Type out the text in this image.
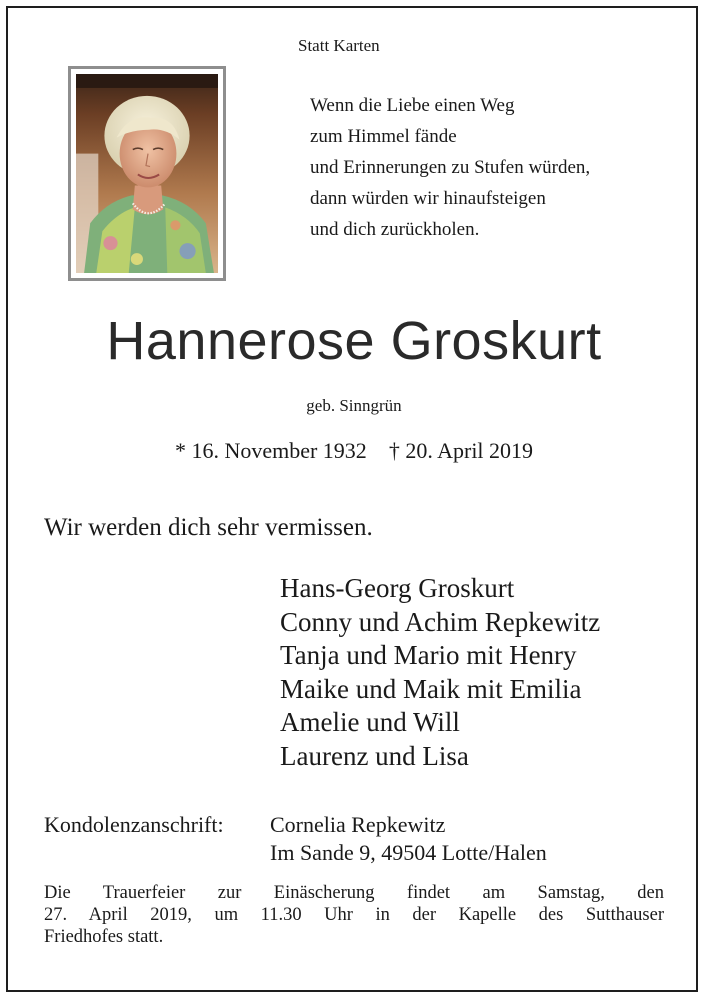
Statt Karten
Wenn die Liebe einen Weg
zum Himmel fände
und Erinnerungen zu Stufen würden,
dann würden wir hinaufsteigen
und dich zurückholen.
Hannerose Groskurt
geb. Sinngrün
* 16. November 1932 † 20. April 2019
Wir werden dich sehr vermissen.
Hans-Georg Groskurt
Conny und Achim Repkewitz
Tanja und Mario mit Henry
Maike und Maik mit Emilia
Amelie und Will
Laurenz und Lisa
Kondolenzanschrift: Cornelia Repkewitz
Im Sande 9, 49504 Lotte/Halen
Die Trauerfeier zur Einäscherung findet am Samstag, den
27. April 2019, um 11.30 Uhr in der Kapelle des Sutthauser
Friedhofes statt.
